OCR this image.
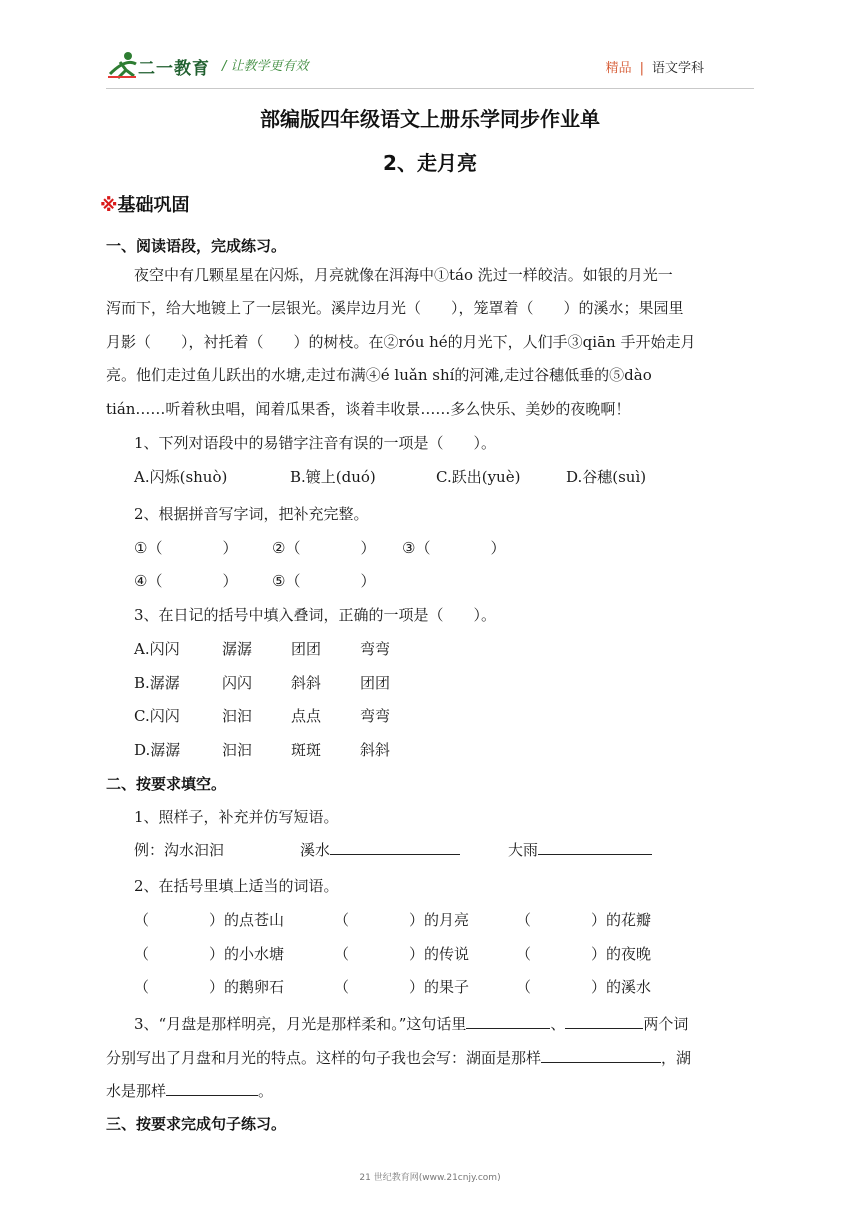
二一教育 / 让教学更有效	精品 | 语文学科
部编版四年级语文上册乐学同步作业单
2、走月亮
※基础巩固
一、阅读语段，完成练习。
夜空中有几颗星星在闪烁，月亮就像在洱海中①táo 洗过一样皎洁。如银的月光一
泻而下，给大地镀上了一层银光。溪岸边月光（　　），笼罩着（　　）的溪水；果园里
月影（　　），衬托着（　　）的树枝。在②róu hé的月光下，人们手③qiān 手开始走月
亮。他们走过鱼儿跃出的水塘,走过布满④é luǎn shí的河滩,走过谷穗低垂的⑤dào
tián……听着秋虫唱，闻着瓜果香，谈着丰收景……多么快乐、美妙的夜晚啊！
1、下列对语段中的易错字注音有误的一项是（　　）。
A.闪烁(shuò)	B.镀上(duó)	C.跃出(yuè)	D.谷穗(suì)
2、根据拼音写字词，把补充完整。
①（　　　　） ②（　　　　） ③（　　　　）
④（　　　　） ⑤（　　　　）
3、在日记的括号中填入叠词，正确的一项是（　　）。
A.闪闪	潺潺	团团	弯弯
B.潺潺	闪闪	斜斜	团团
C.闪闪	汩汩	点点	弯弯
D.潺潺	汩汩	斑斑	斜斜
二、按要求填空。
1、照样子，补充并仿写短语。
例：沟水汩汩	溪水	大雨
2、在括号里填上适当的词语。
（　　　　）的点苍山	（　　　　）的月亮	（　　　　）的花瓣
（　　　　）的小水塘	（　　　　）的传说	（　　　　）的夜晚
（　　　　）的鹅卵石	（　　　　）的果子	（　　　　）的溪水
3、“月盘是那样明亮，月光是那样柔和。”这句话里	、	两个词
分别写出了月盘和月光的特点。这样的句子我也会写：湖面是那样	，湖
水是那样	。
三、按要求完成句子练习。
21 世纪教育网(www.21cnjy.com)
